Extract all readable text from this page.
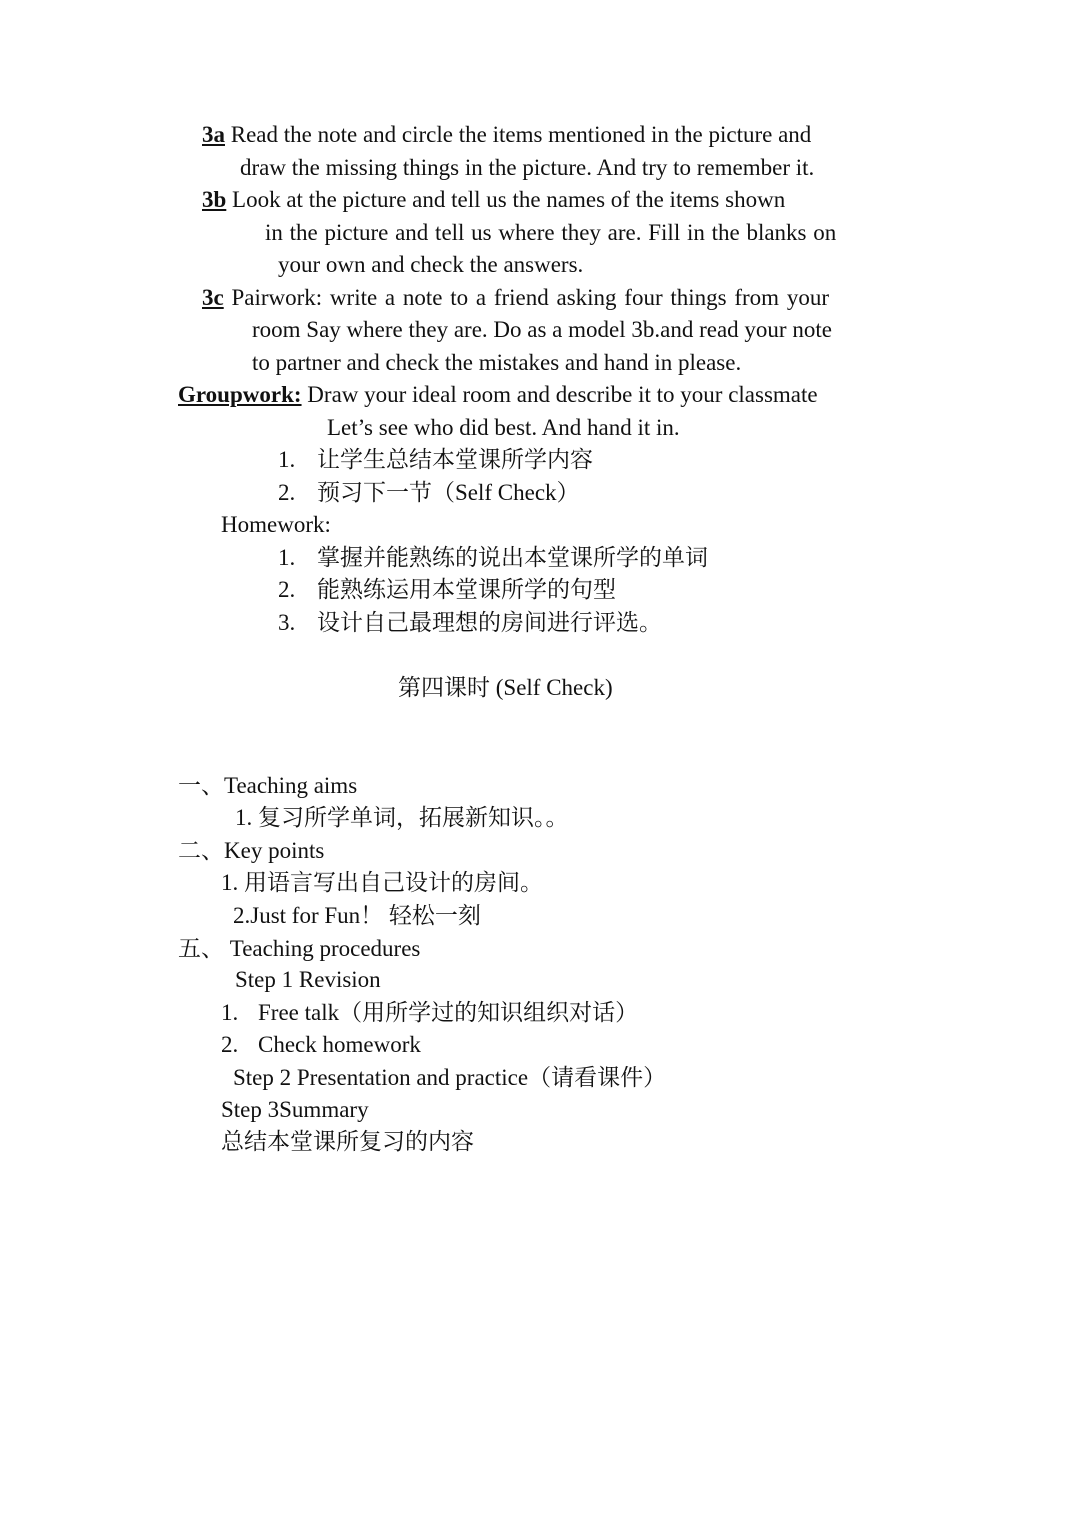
3a Read the note and circle the items mentioned in the picture and
draw the missing things in the picture. And try to remember it.
3b Look at the picture and tell us the names of the items shown
in the picture and tell us where they are. Fill in the blanks on
your own and check the answers.
3c Pairwork: write a note to a friend asking four things from your
room Say where they are. Do as a model 3b.and read your note
to partner and check the mistakes and hand in please.
Groupwork: Draw your ideal room and describe it to your classmate
Let’s see who did best. And hand it in.
1. 让学生总结本堂课所学内容
2. 预习下一节（Self Check）
Homework:
1. 掌握并能熟练的说出本堂课所学的单词
2. 能熟练运用本堂课所学的句型
3. 设计自己最理想的房间进行评选。
第四课时 (Self Check)
一、Teaching aims
1. 复习所学单词，拓展新知识。。
二、Key points
1. 用语言写出自己设计的房间。
2.Just for Fun！ 轻松一刻
五、 Teaching procedures
Step 1 Revision
1. Free talk（用所学过的知识组织对话）
2. Check homework
Step 2 Presentation and practice（请看课件）
Step 3Summary
总结本堂课所复习的内容
